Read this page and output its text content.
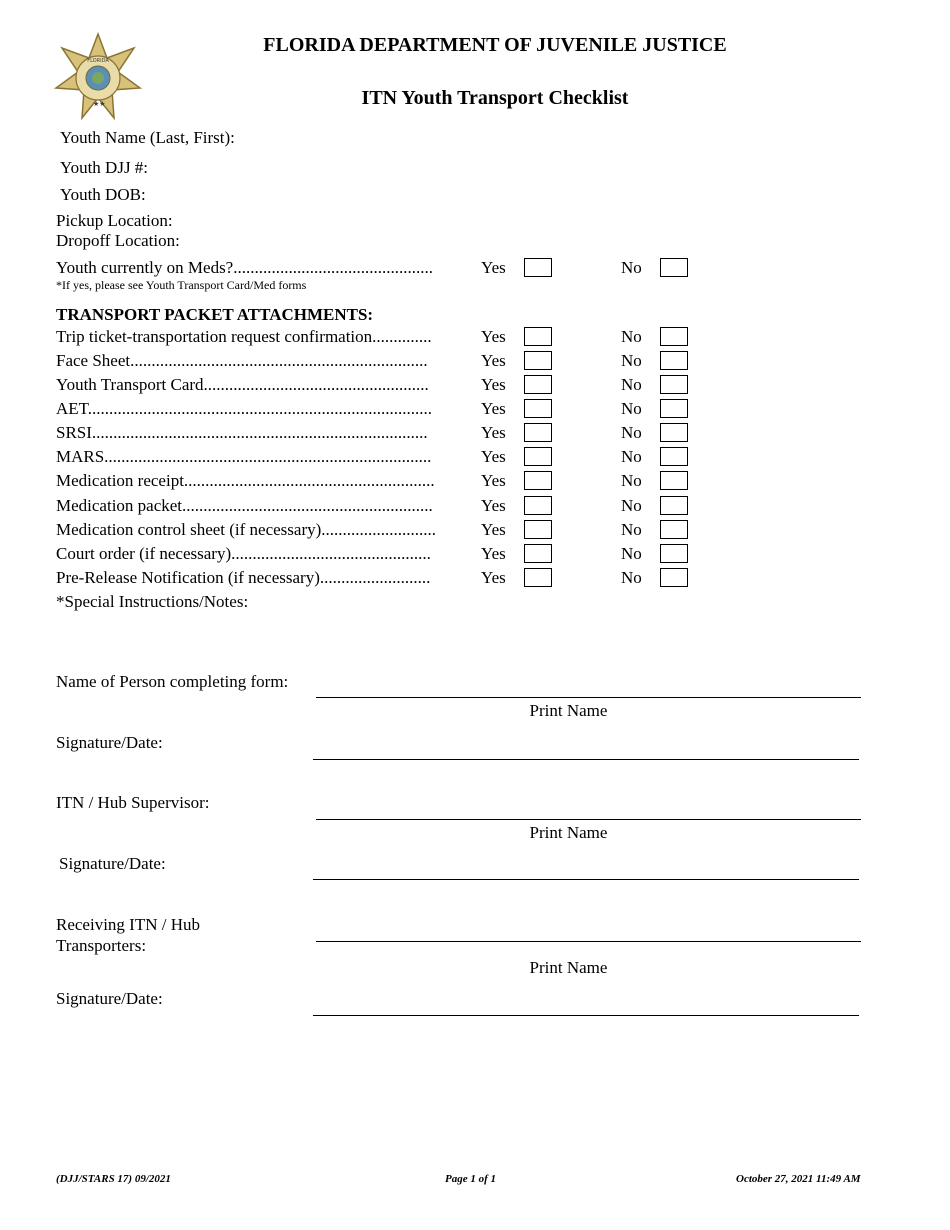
FLORIDA
★★
FLORIDA DEPARTMENT OF JUVENILE JUSTICE
ITN Youth Transport Checklist
Youth Name (Last, First):
Youth DJJ #:
Youth DOB:
Pickup Location:
Dropoff Location:
Youth currently on Meds?...............................................	Yes	No
*If yes, please see Youth Transport Card/Med forms
TRANSPORT PACKET ATTACHMENTS:
Trip ticket-transportation request confirmation..............	Yes	No
Face Sheet......................................................................	Yes	No
Youth Transport Card.....................................................	Yes	No
AET.................................................................................	Yes	No
SRSI...............................................................................	Yes	No
MARS.............................................................................	Yes	No
Medication receipt...........................................................	Yes	No
Medication packet...........................................................	Yes	No
Medication control sheet (if necessary)...........................	Yes	No
Court order (if necessary)...............................................	Yes	No
Pre-Release Notification (if necessary)..........................	Yes	No
*Special Instructions/Notes:
Name of Person completing form:
Print Name
Signature/Date:
ITN / Hub Supervisor:
Print Name
Signature/Date:
Receiving ITN / Hub
Transporters:
Print Name
Signature/Date:
(DJJ/STARS 17) 09/2021	Page 1 of 1	October 27, 2021 11:49 AM
